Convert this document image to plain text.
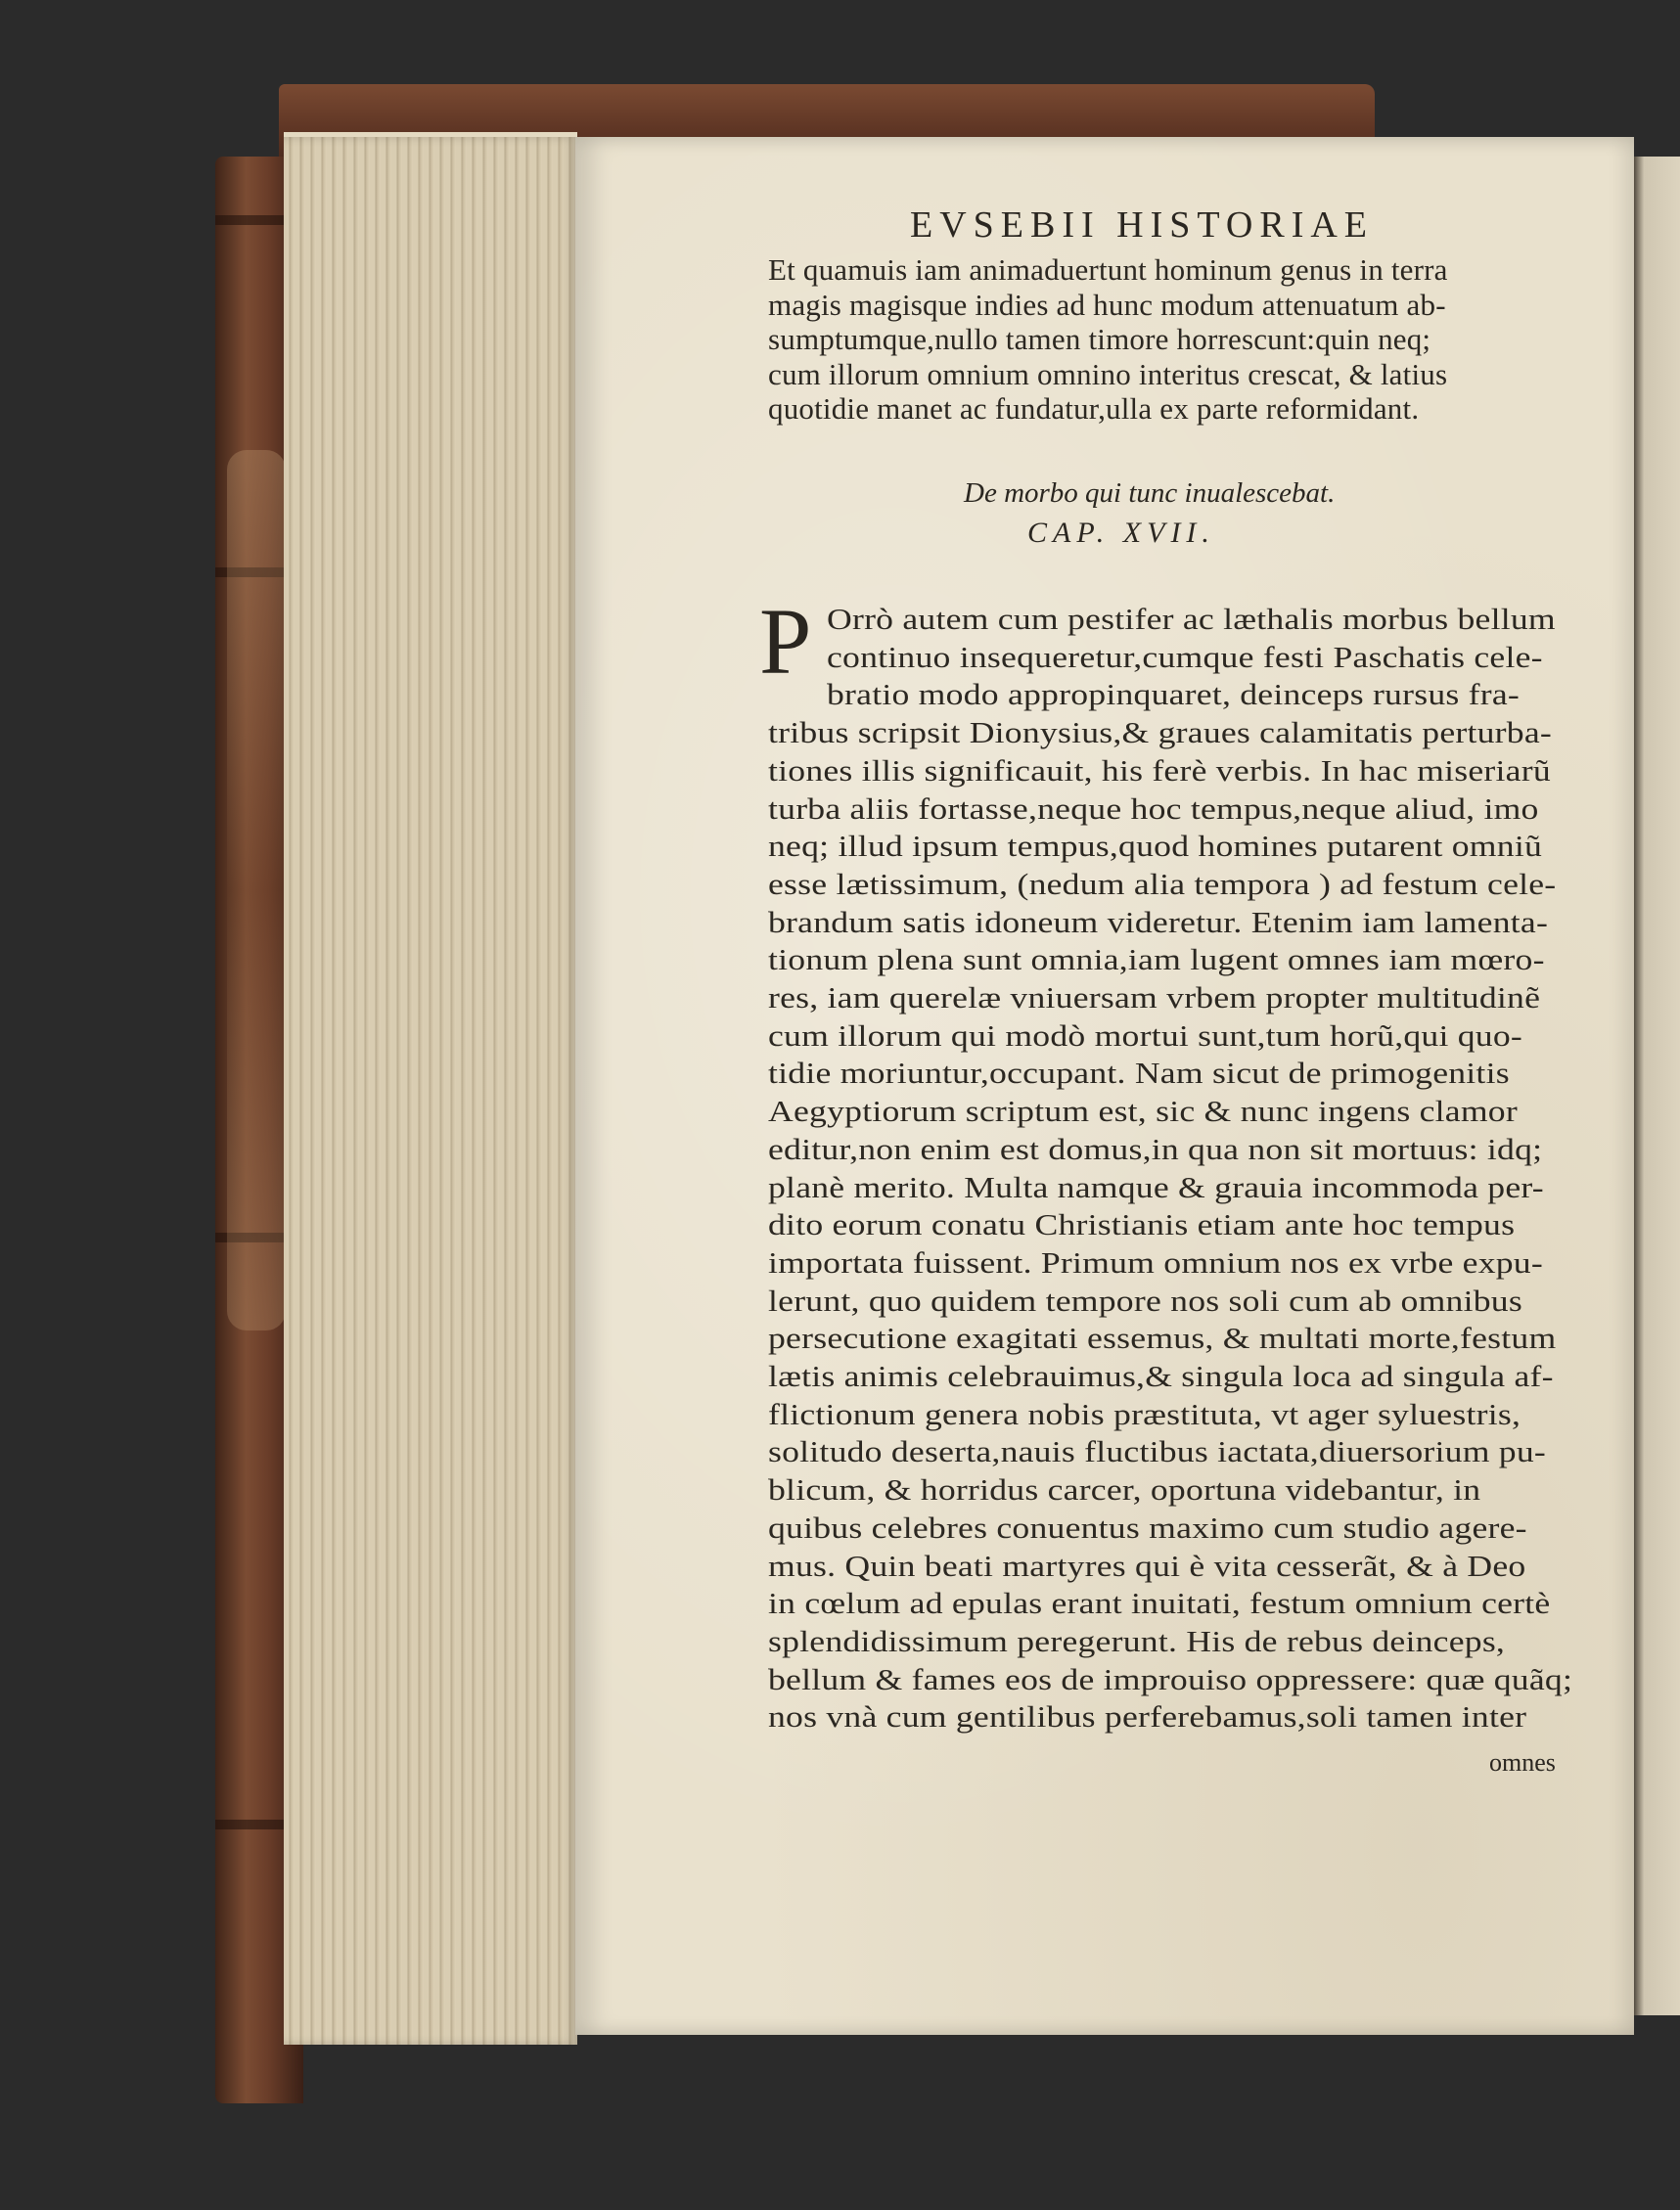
EVSEBII HISTORIAE
Et quamuis iam animaduertunt hominum genus in terra
magis magisque indies ad hunc modum attenuatum ab-
sumptumque,nullo tamen timore horrescunt:quin neq;
cum illorum omnium omnino interitus crescat, & latius
quotidie manet ac fundatur,ulla ex parte reformidant.
De morbo qui tunc inualescebat.
CAP. XVII.
P Orrò autem cum pestifer ac læthalis morbus bellum
continuo insequeretur,cumque festi Paschatis cele-
bratio modo appropinquaret, deinceps rursus fra-
tribus scripsit Dionysius,& graues calamitatis perturba-
tiones illis significauit, his ferè verbis. In hac miseriarũ
turba aliis fortasse,neque hoc tempus,neque aliud, imo
neq; illud ipsum tempus,quod homines putarent omniũ
esse lætissimum, (nedum alia tempora ) ad festum cele-
brandum satis idoneum videretur. Etenim iam lamenta-
tionum plena sunt omnia,iam lugent omnes iam mœro-
res, iam querelæ vniuersam vrbem propter multitudinẽ
cum illorum qui modò mortui sunt,tum horũ,qui quo-
tidie moriuntur,occupant. Nam sicut de primogenitis
Aegyptiorum scriptum est, sic & nunc ingens clamor
editur,non enim est domus,in qua non sit mortuus: idq;
planè merito. Multa namque & grauia incommoda per-
dito eorum conatu Christianis etiam ante hoc tempus
importata fuissent. Primum omnium nos ex vrbe expu-
lerunt, quo quidem tempore nos soli cum ab omnibus
persecutione exagitati essemus, & multati morte,festum
lætis animis celebrauimus,& singula loca ad singula af-
flictionum genera nobis præstituta, vt ager syluestris,
solitudo deserta,nauis fluctibus iactata,diuersorium pu-
blicum, & horridus carcer, oportuna videbantur, in
quibus celebres conuentus maximo cum studio agere-
mus. Quin beati martyres qui è vita cesserãt, & à Deo
in cœlum ad epulas erant inuitati, festum omnium certè
splendidissimum peregerunt. His de rebus deinceps,
bellum & fames eos de improuiso oppressere: quæ quãq;
nos vnà cum gentilibus perferebamus,soli tamen inter
omnes
